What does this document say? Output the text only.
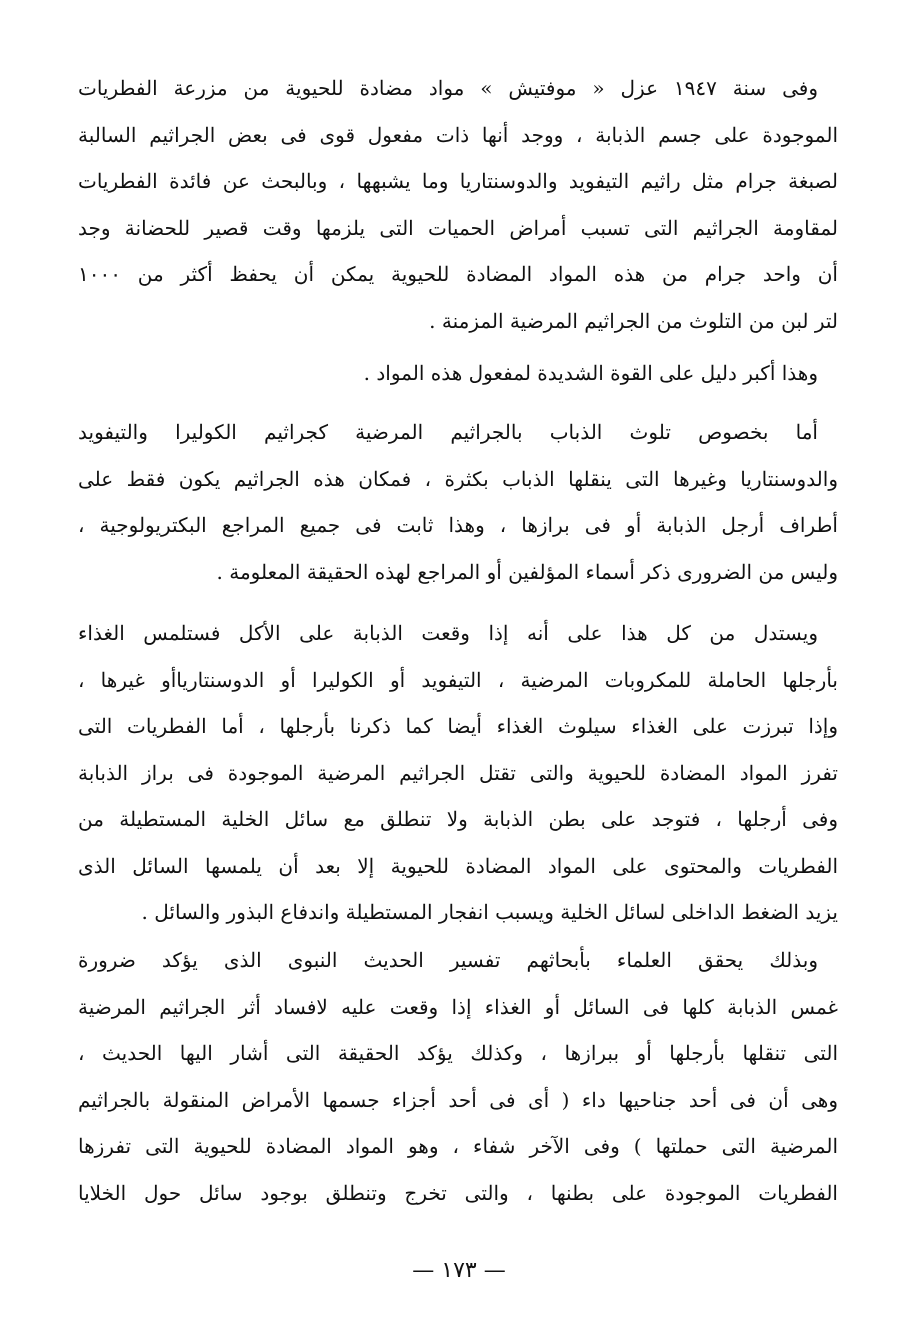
وفى سنة ١٩٤٧ عزل « موفتيش » مواد مضادة للحيوية من مزرعة الفطريات
الموجودة على جسم الذبابة ، ووجد أنها ذات مفعول قوى فى بعض الجراثيم السالبة
لصبغة جرام مثل راثيم التيفويد والدوسنتاريا وما يشبهها ، وبالبحث عن فائدة الفطريات
لمقاومة الجراثيم التى تسبب أمراض الحميات التى يلزمها وقت قصير للحضانة وجد
أن واحد جرام من هذه المواد المضادة للحيوية يمكن أن يحفظ أكثر من ١٠٠٠
لتر لبن من التلوث من الجراثيم المرضية المزمنة .
وهذا أكبر دليل على القوة الشديدة لمفعول هذه المواد .
أما بخصوص تلوث الذباب بالجراثيم المرضية كجراثيم الكوليرا والتيفويد
والدوسنتاريا وغيرها التى ينقلها الذباب بكثرة ، فمكان هذه الجراثيم يكون فقط على
أطراف أرجل الذبابة أو فى برازها ، وهذا ثابت فى جميع المراجع البكتريولوجية ،
وليس من الضرورى ذكر أسماء المؤلفين أو المراجع لهذه الحقيقة المعلومة .
ويستدل من كل هذا على أنه إذا وقعت الذبابة على الأكل فستلمس الغذاء
بأرجلها الحاملة للمكروبات المرضية ، التيفويد أو الكوليرا أو الدوسنتارياأو غيرها ،
وإذا تبرزت على الغذاء سيلوث الغذاء أيضا كما ذكرنا بأرجلها ، أما الفطريات التى
تفرز المواد المضادة للحيوية والتى تقتل الجراثيم المرضية الموجودة فى براز الذبابة
وفى أرجلها ، فتوجد على بطن الذبابة ولا تنطلق مع سائل الخلية المستطيلة من
الفطريات والمحتوى على المواد المضادة للحيوية إلا بعد أن يلمسها السائل الذى
يزيد الضغط الداخلى لسائل الخلية ويسبب انفجار المستطيلة واندفاع البذور والسائل .
وبذلك يحقق العلماء بأبحاثهم تفسير الحديث النبوى الذى يؤكد ضرورة
غمس الذبابة كلها فى السائل أو الغذاء إذا وقعت عليه لافساد أثر الجراثيم المرضية
التى تنقلها بأرجلها أو ببرازها ، وكذلك يؤكد الحقيقة التى أشار اليها الحديث ،
وهى أن فى أحد جناحيها داء ( أى فى أحد أجزاء جسمها الأمراض المنقولة بالجراثيم
المرضية التى حملتها ) وفى الآخر شفاء ، وهو المواد المضادة للحيوية التى تفرزها
الفطريات الموجودة على بطنها ، والتى تخرج وتنطلق بوجود سائل حول الخلايا
— ١٧٣ —
